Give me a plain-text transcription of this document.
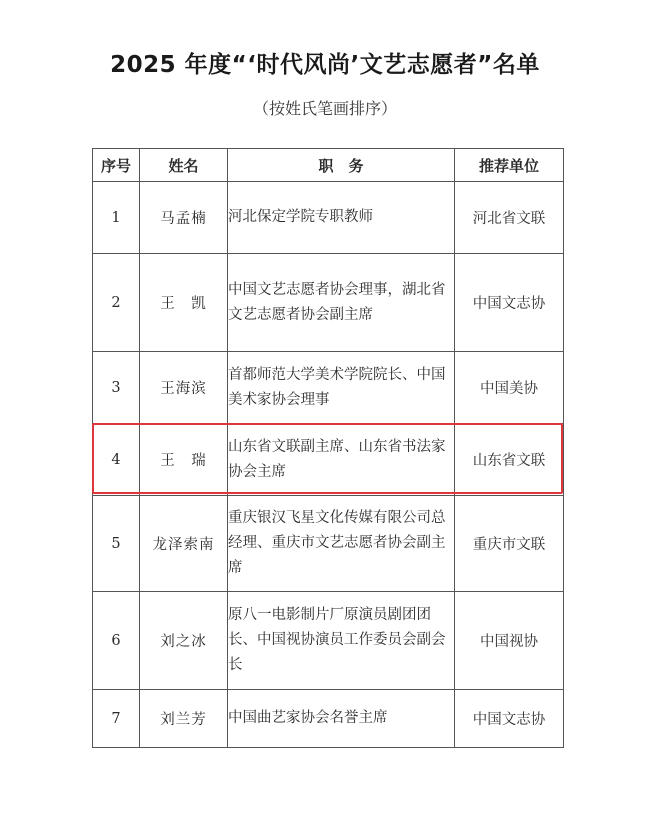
2025 年度“‘时代风尚’文艺志愿者”名单
（按姓氏笔画排序）
序号	姓名	职　务	推荐单位
1	马孟楠	河北保定学院专职教师	河北省文联
2	王　凯	中国文艺志愿者协会理事，湖北省文艺志愿者协会副主席	中国文志协
3	王海滨	首都师范大学美术学院院长、中国美术家协会理事	中国美协
4	王　瑞	山东省文联副主席、山东省书法家协会主席	山东省文联
5	龙泽索南	重庆银汉飞星文化传媒有限公司总经理、重庆市文艺志愿者协会副主席	重庆市文联
6	刘之冰	原八一电影制片厂原演员剧团团长、中国视协演员工作委员会副会长	中国视协
7	刘兰芳	中国曲艺家协会名誉主席	中国文志协
